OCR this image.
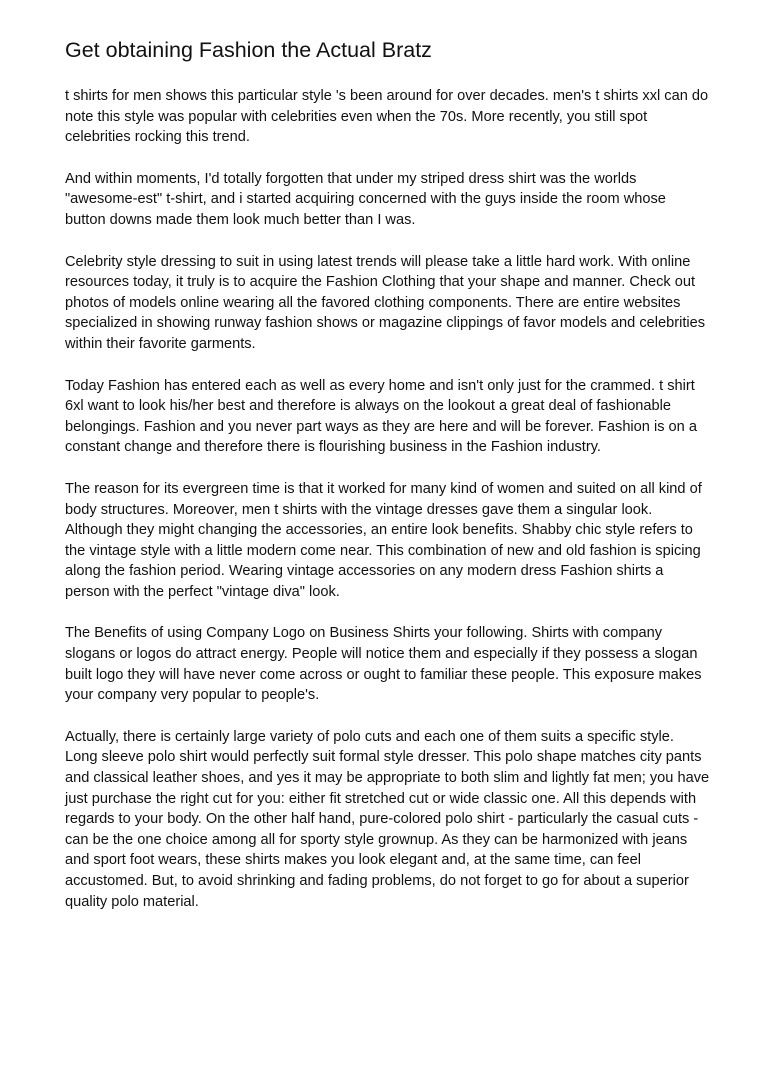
Get obtaining Fashion the Actual Bratz

t shirts for men shows this particular style 's been around for over decades. men's t shirts xxl can do note this style was popular with celebrities even when the 70s. More recently, you still spot celebrities rocking this trend.

And within moments, I'd totally forgotten that under my striped dress shirt was the worlds "awesome-est" t-shirt, and i started acquiring concerned with the guys inside the room whose button downs made them look much better than I was.

Celebrity style dressing to suit in using latest trends will please take a little hard work. With online resources today, it truly is to acquire the Fashion Clothing that your shape and manner. Check out photos of models online wearing all the favored clothing components. There are entire websites specialized in showing runway fashion shows or magazine clippings of favor models and celebrities within their favorite garments.

Today Fashion has entered each as well as every home and isn't only just for the crammed. t shirt 6xl want to look his/her best and therefore is always on the lookout a great deal of fashionable belongings. Fashion and you never part ways as they are here and will be forever. Fashion is on a constant change and therefore there is flourishing business in the Fashion industry.

The reason for its evergreen time is that it worked for many kind of women and suited on all kind of body structures. Moreover, men t shirts with the vintage dresses gave them a singular look. Although they might changing the accessories, an entire look benefits. Shabby chic style refers to the vintage style with a little modern come near. This combination of new and old fashion is spicing along the fashion period. Wearing vintage accessories on any modern dress Fashion shirts a person with the perfect "vintage diva" look.

The Benefits of using Company Logo on Business Shirts your following. Shirts with company slogans or logos do attract energy. People will notice them and especially if they possess a slogan built logo they will have never come across or ought to familiar these people. This exposure makes your company very popular to people's.

Actually, there is certainly large variety of polo cuts and each one of them suits a specific style. Long sleeve polo shirt would perfectly suit formal style dresser. This polo shape matches city pants and classical leather shoes, and yes it may be appropriate to both slim and lightly fat men; you have just purchase the right cut for you: either fit stretched cut or wide classic one. All this depends with regards to your body. On the other half hand, pure-colored polo shirt - particularly the casual cuts - can be the one choice among all for sporty style grownup. As they can be harmonized with jeans and sport foot wears, these shirts makes you look elegant and, at the same time, can feel accustomed. But, to avoid shrinking and fading problems, do not forget to go for about a superior quality polo material.
